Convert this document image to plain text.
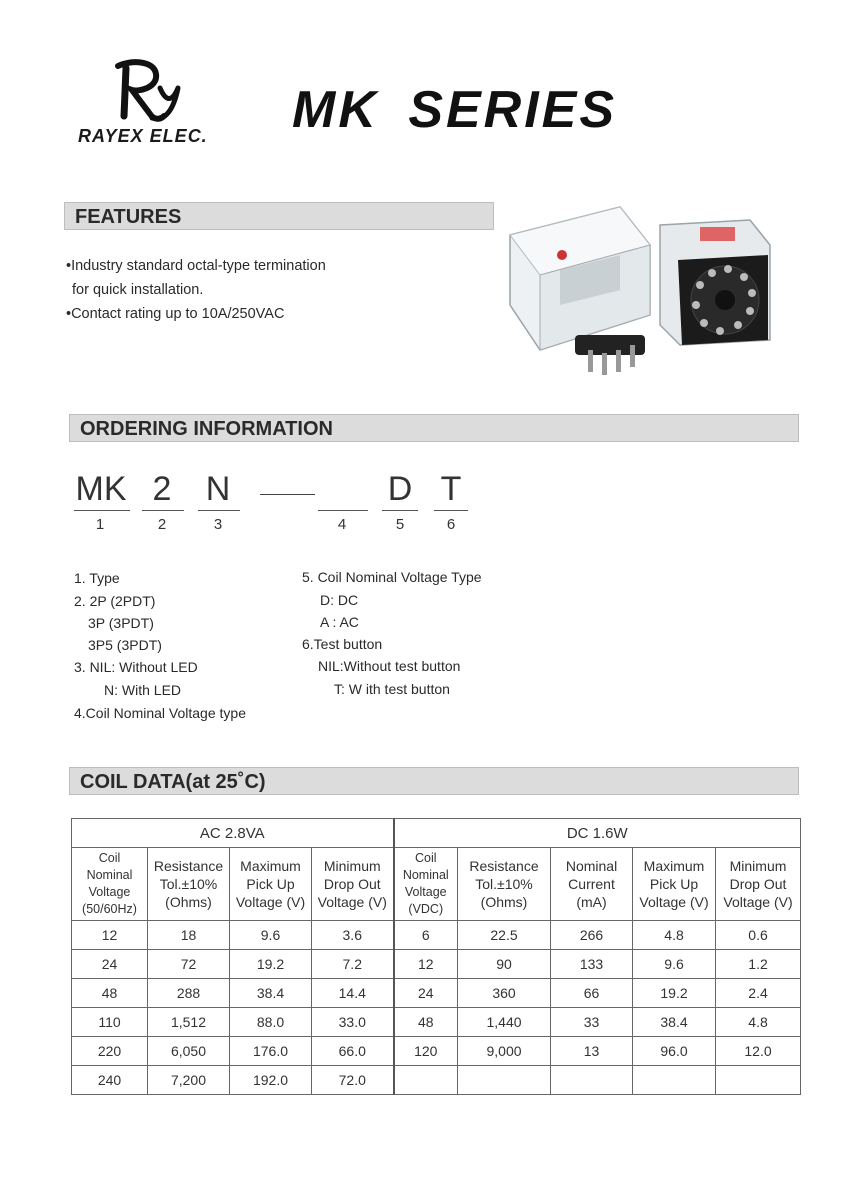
RAYEX ELEC. MK SERIES
FEATURES
•Industry standard octal-type termination
for quick installation.
•Contact rating up to 10A/250VAC
ORDERING INFORMATION
MK 2	N	D T
1	2	3	4	5	6
1. Type
2. 2P (2PDT)
3P (3PDT)
3P5 (3PDT)
3. NIL: Without LED
N: With LED
4.Coil Nominal Voltage type
5. Coil Nominal Voltage Type
D: DC
A : AC
6.Test button
NIL:Without test button
T: W ith test button
COIL DATA(at 25˚C)
AC 2.8VA				DC 1.6W				
Coil
Nominal
Voltage
(50/60Hz)	Resistance
Tol.±10%
(Ohms)	Maximum
Pick Up
Voltage (V)	Minimum
Drop Out
Voltage (V)	Coil
Nominal
Voltage
(VDC)	Resistance
Tol.±10%
(Ohms)	Nominal
Current
(mA)	Maximum
Pick Up
Voltage (V)	Minimum
Drop Out
Voltage (V)
12	18	9.6	3.6	6	22.5	266	4.8	0.6
24	72	19.2	7.2	12	90	133	9.6	1.2
48	288	38.4	14.4	24	360	66	19.2	2.4
110	1,512	88.0	33.0	48	1,440	33	38.4	4.8
220	6,050	176.0	66.0	120	9,000	13	96.0	12.0
240	7,200	192.0	72.0					
